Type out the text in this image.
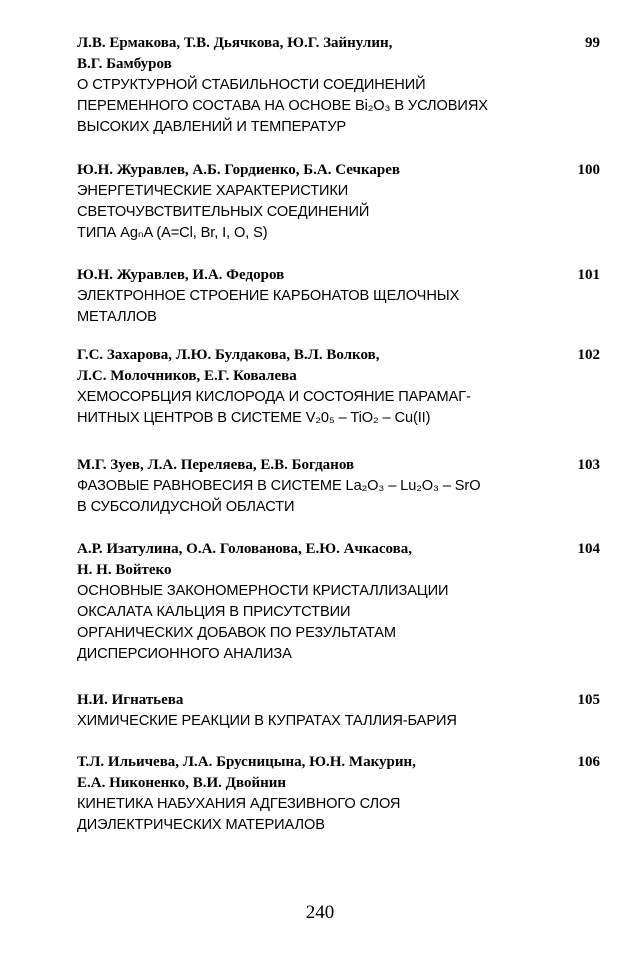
Л.В. Ермакова, Т.В. Дьячкова, Ю.Г. Зайнулин,
В.Г. Бамбуров
О СТРУКТУРНОЙ СТАБИЛЬНОСТИ СОЕДИНЕНИЙ
ПЕРЕМЕННОГО СОСТАВА НА ОСНОВЕ Bi₂O₃ В УСЛОВИЯХ
ВЫСОКИХ ДАВЛЕНИЙ И ТЕМПЕРАТУР
99
Ю.Н. Журавлев, А.Б. Гордиенко, Б.А. Сечкарев
ЭНЕРГЕТИЧЕСКИЕ ХАРАКТЕРИСТИКИ
СВЕТОЧУВСТВИТЕЛЬНЫХ СОЕДИНЕНИЙ
ТИПА AgₙA (A=Cl, Br, I, O, S)
100
Ю.Н. Журавлев, И.А. Федоров
ЭЛЕКТРОННОЕ СТРОЕНИЕ КАРБОНАТОВ ЩЕЛОЧНЫХ
МЕТАЛЛОВ
101
Г.С. Захарова, Л.Ю. Булдакова, В.Л. Волков,
Л.С. Молочников, Е.Г. Ковалева
ХЕМОСОРБЦИЯ КИСЛОРОДА И СОСТОЯНИЕ ПАРАМАГ-
НИТНЫХ ЦЕНТРОВ В СИСТЕМЕ V₂0₅ – TiO₂ – Cu(II)
102
М.Г. Зуев, Л.А. Переляева, Е.В. Богданов
ФАЗОВЫЕ РАВНОВЕСИЯ В СИСТЕМЕ La₂O₃ – Lu₂O₃ – SrO
В СУБСОЛИДУСНОЙ ОБЛАСТИ
103
А.Р. Изатулина, О.А. Голованова, Е.Ю. Ачкасова,
Н. Н. Войтеко
ОСНОВНЫЕ ЗАКОНОМЕРНОСТИ КРИСТАЛЛИЗАЦИИ
ОКСАЛАТА КАЛЬЦИЯ В ПРИСУТСТВИИ
ОРГАНИЧЕСКИХ ДОБАВОК ПО РЕЗУЛЬТАТАМ
ДИСПЕРСИОННОГО АНАЛИЗА
104
Н.И. Игнатьева
ХИМИЧЕСКИЕ РЕАКЦИИ В КУПРАТАХ ТАЛЛИЯ-БАРИЯ
105
Т.Л. Ильичева, Л.А. Брусницына, Ю.Н. Макурин,
Е.А. Никоненко, В.И. Двойнин
КИНЕТИКА НАБУХАНИЯ АДГЕЗИВНОГО СЛОЯ
ДИЭЛЕКТРИЧЕСКИХ МАТЕРИАЛОВ
106
240
